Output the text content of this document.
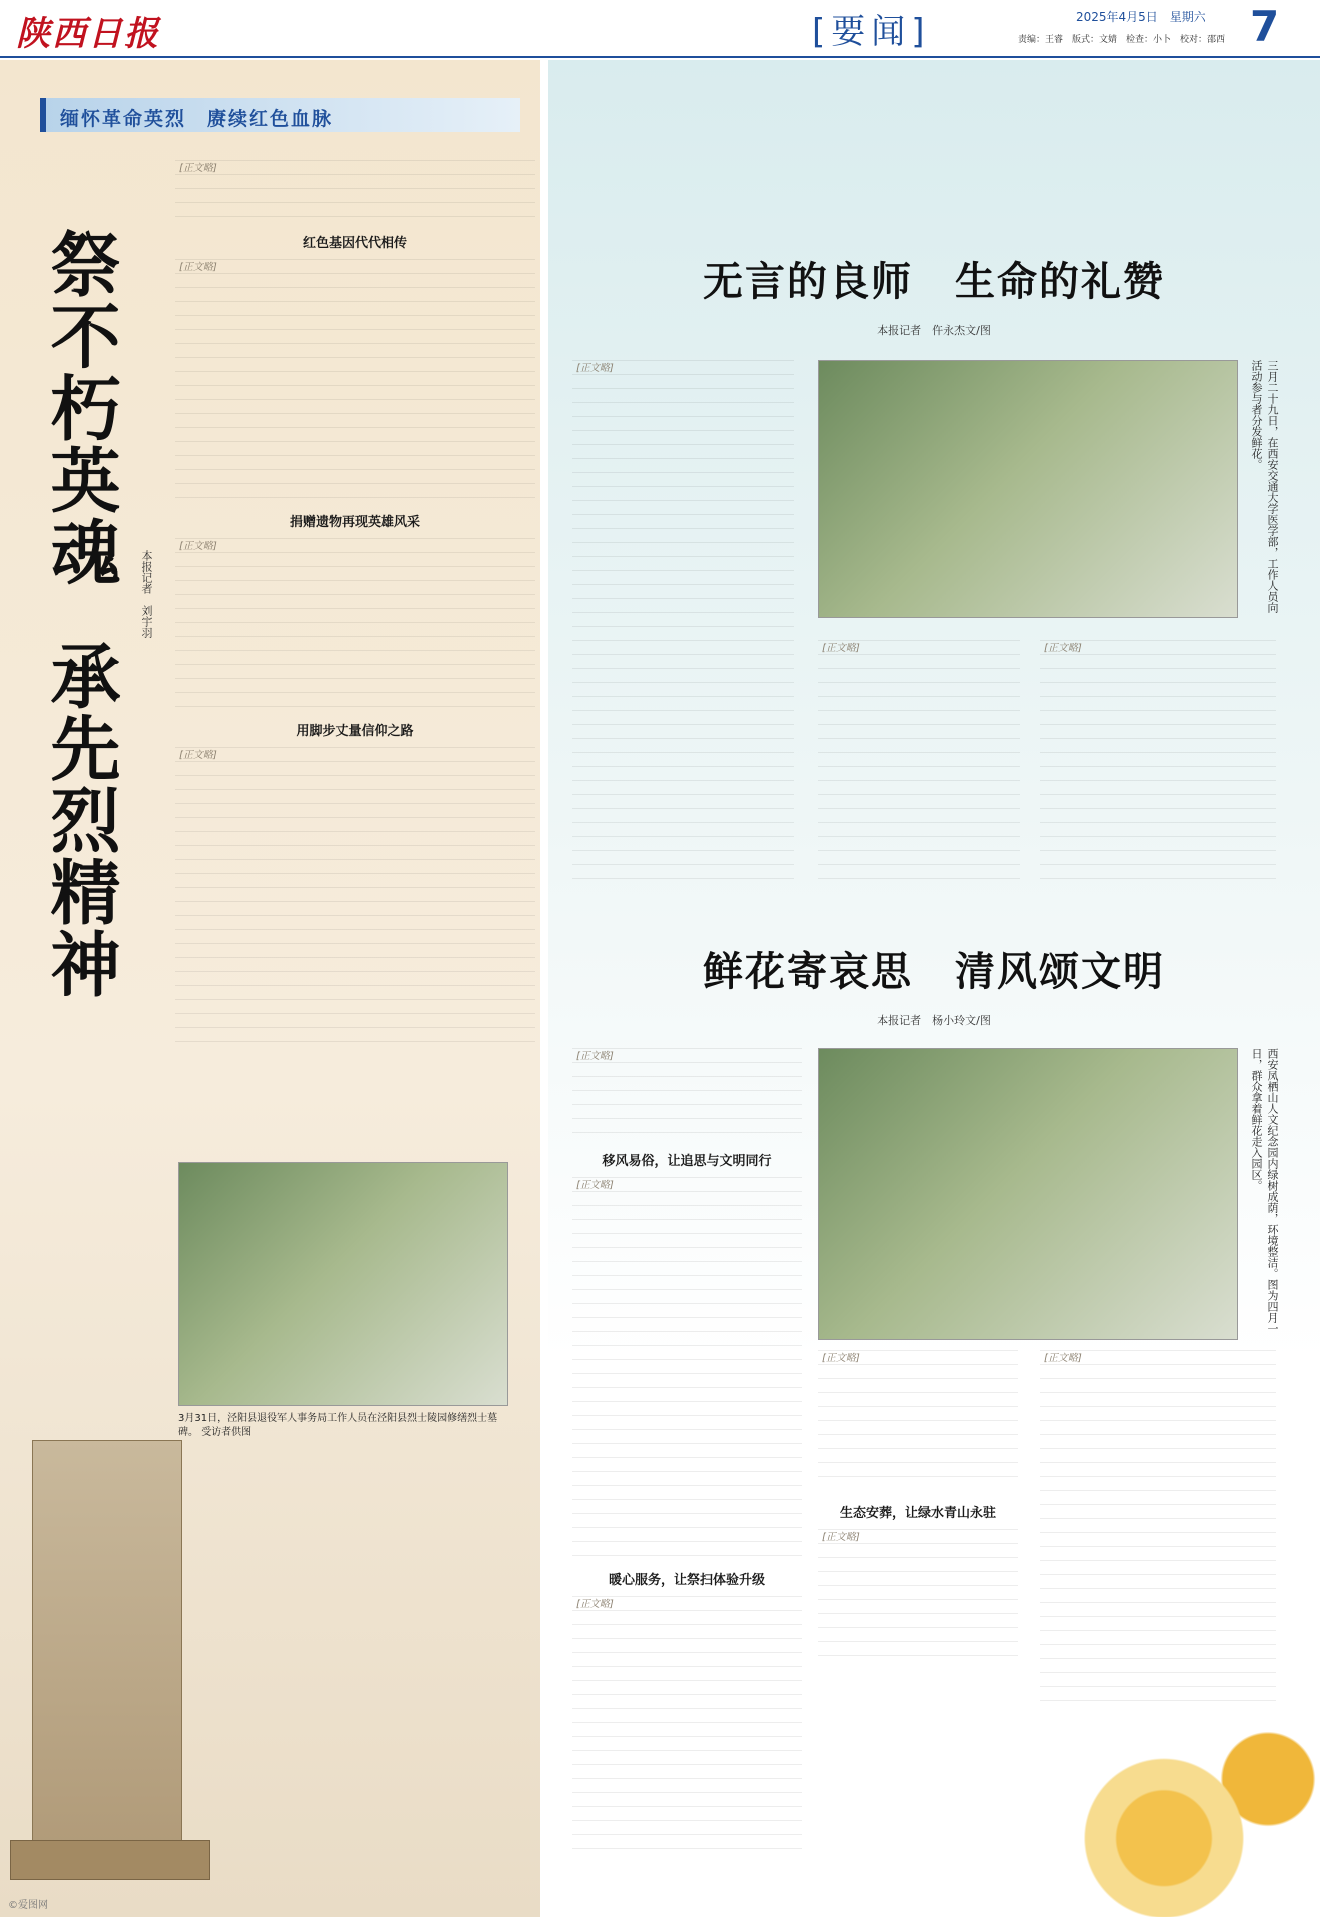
陕西日报	[要闻]	2025年4月5日　星期六
责编：王睿　版式：文婧　检查：小卜　校对：邵西 7
缅怀革命英烈　赓续红色血脉
祭不朽英魂
承先烈精神
本报记者　刘宇羽
[正文略]
红色基因代代相传
[正文略]
捐赠遗物再现英雄风采
[正文略]
用脚步丈量信仰之路
[正文略]
3月31日，泾阳县退役军人事务局工作人员在泾阳县烈士陵园修缮烈士墓碑。 受访者供图
无言的良师　生命的礼赞
本报记者　仵永杰文/图
[正文略]	三月二十九日，在西安交通大学医学部，工作人员向活动参与者分发鲜花。
[正文略]	[正文略]
鲜花寄哀思　清风颂文明
本报记者　杨小玲文/图
[正文略]
移风易俗，让追思与文明同行
[正文略]
暖心服务，让祭扫体验升级
[正文略]
西安凤栖山人文纪念园内绿树成荫，环境整洁。图为四月一日，群众拿着鲜花走入园区。
[正文略]
生态安葬，让绿水青山永驻
[正文略]
[正文略]
©爱图网
